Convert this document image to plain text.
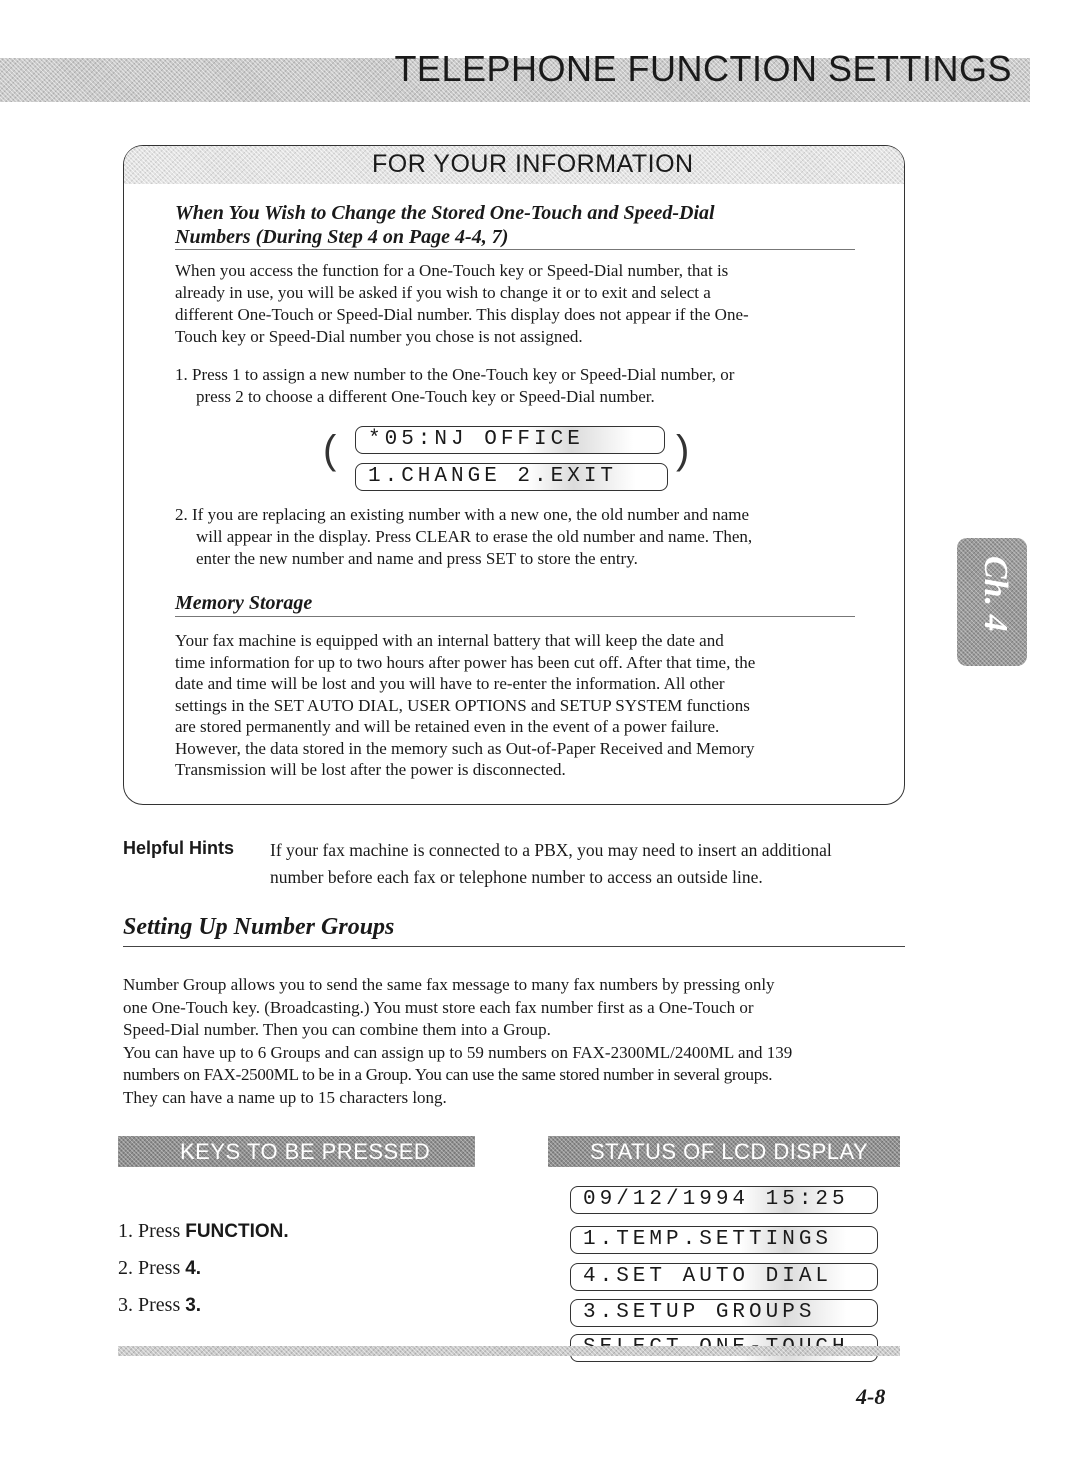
TELEPHONE FUNCTION SETTINGS
FOR YOUR INFORMATION
When You Wish to Change the Stored One-Touch and Speed-Dial
Numbers (During Step 4 on Page 4-4, 7)
When you access the function for a One-Touch key or Speed-Dial number, that is
already in use, you will be asked if you wish to change it or to exit and select a
different One-Touch or Speed-Dial number. This display does not appear if the One-
Touch key or Speed-Dial number you chose is not assigned.
1. Press 1 to assign a new number to the One-Touch key or Speed-Dial number, or
press 2 to choose a different One-Touch key or Speed-Dial number.
(	*05:NJ OFFICE
1.CHANGE 2.EXIT
)
2. If you are replacing an existing number with a new one, the old number and name
will appear in the display. Press CLEAR to erase the old number and name. Then,
enter the new number and name and press SET to store the entry.
Memory Storage
Your fax machine is equipped with an internal battery that will keep the date and
time information for up to two hours after power has been cut off. After that time, the
date and time will be lost and you will have to re-enter the information. All other
settings in the SET AUTO DIAL, USER OPTIONS and SETUP SYSTEM functions
are stored permanently and will be retained even in the event of a power failure.
However, the data stored in the memory such as Out-of-Paper Received and Memory
Transmission will be lost after the power is disconnected.
Ch. 4
Helpful Hints If your fax machine is connected to a PBX, you may need to insert an additional
number before each fax or telephone number to access an outside line.
Setting Up Number Groups
Number Group allows you to send the same fax message to many fax numbers by pressing only
one One-Touch key. (Broadcasting.) You must store each fax number first as a One-Touch or
Speed-Dial number. Then you can combine them into a Group.
You can have up to 6 Groups and can assign up to 59 numbers on FAX-2300ML/2400ML and 139
numbers on FAX-2500ML to be in a Group. You can use the same stored number in several groups.
They can have a name up to 15 characters long.
KEYS TO BE PRESSED	STATUS OF LCD DISPLAY
1. Press FUNCTION.
2. Press 4.
3. Press 3.
09/12/1994 15:25
1.TEMP.SETTINGS
4.SET AUTO DIAL
3.SETUP GROUPS
4-8
